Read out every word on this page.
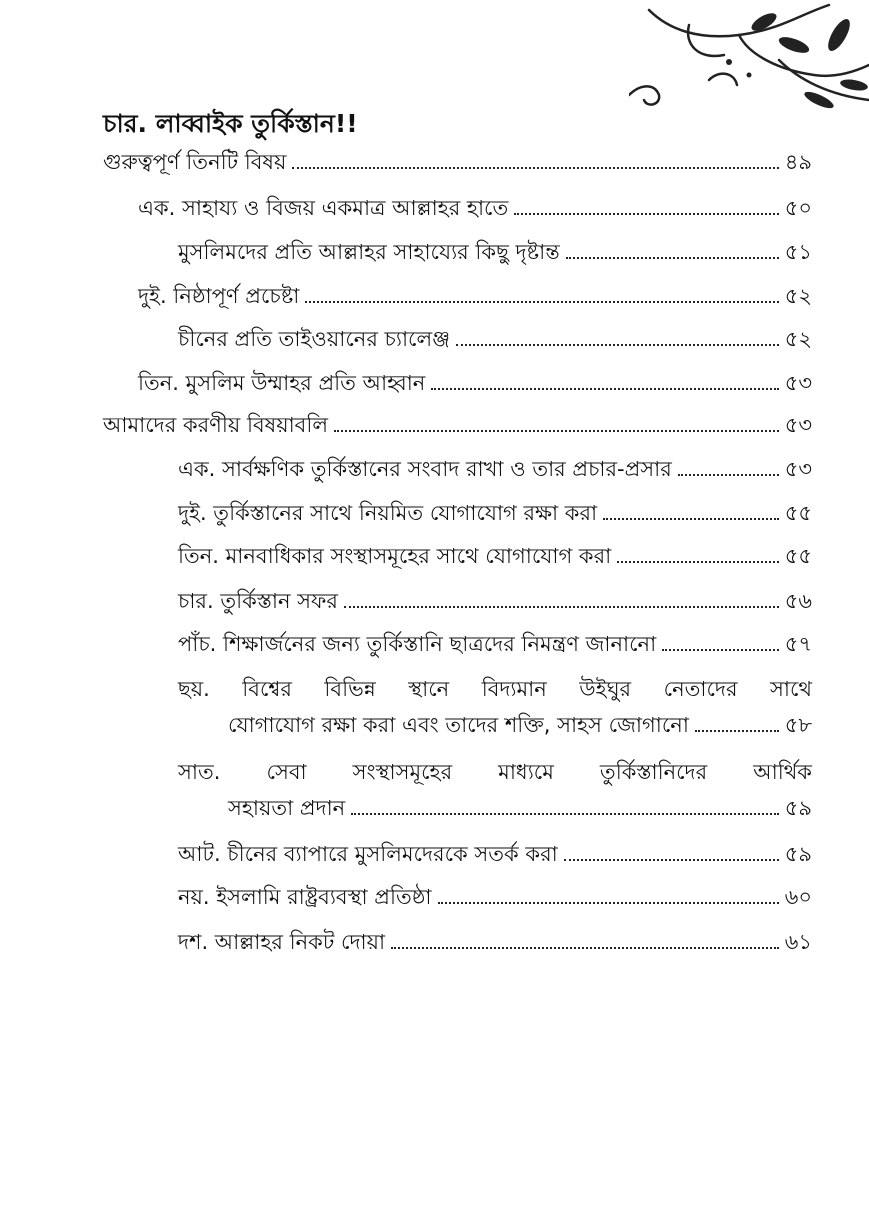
চার. লাব্বাইক তুর্কিস্তান!!
গুরুত্বপূর্ণ তিনটি বিষয়	৪৯
এক. সাহায্য ও বিজয় একমাত্র আল্লাহর হাতে	৫০
মুসলিমদের প্রতি আল্লাহর সাহায্যের কিছু দৃষ্টান্ত	৫১
দুই. নিষ্ঠাপূর্ণ প্রচেষ্টা	৫২
চীনের প্রতি তাইওয়ানের চ্যালেঞ্জ	৫২
তিন. মুসলিম উম্মাহর প্রতি আহ্বান	৫৩
আমাদের করণীয় বিষয়াবলি	৫৩
এক. সার্বক্ষণিক তুর্কিস্তানের সংবাদ রাখা ও তার প্রচার-প্রসার	৫৩
দুই. তুর্কিস্তানের সাথে নিয়মিত যোগাযোগ রক্ষা করা	৫৫
তিন. মানবাধিকার সংস্থাসমূহের সাথে যোগাযোগ করা	৫৫
চার. তুর্কিস্তান সফর	৫৬
পাঁচ. শিক্ষার্জনের জন্য তুর্কিস্তানি ছাত্রদের নিমন্ত্রণ জানানো	৫৭
ছয়. বিশ্বের বিভিন্ন স্থানে বিদ্যমান উইঘুর নেতাদের সাথে
যোগাযোগ রক্ষা করা এবং তাদের শক্তি, সাহস জোগানো	৫৮
সাত. সেবা সংস্থাসমূহের মাধ্যমে তুর্কিস্তানিদের আর্থিক
সহায়তা প্রদান	৫৯
আট. চীনের ব্যাপারে মুসলিমদেরকে সতর্ক করা	৫৯
নয়. ইসলামি রাষ্ট্রব্যবস্থা প্রতিষ্ঠা	৬০
দশ. আল্লাহর নিকট দোয়া	৬১
